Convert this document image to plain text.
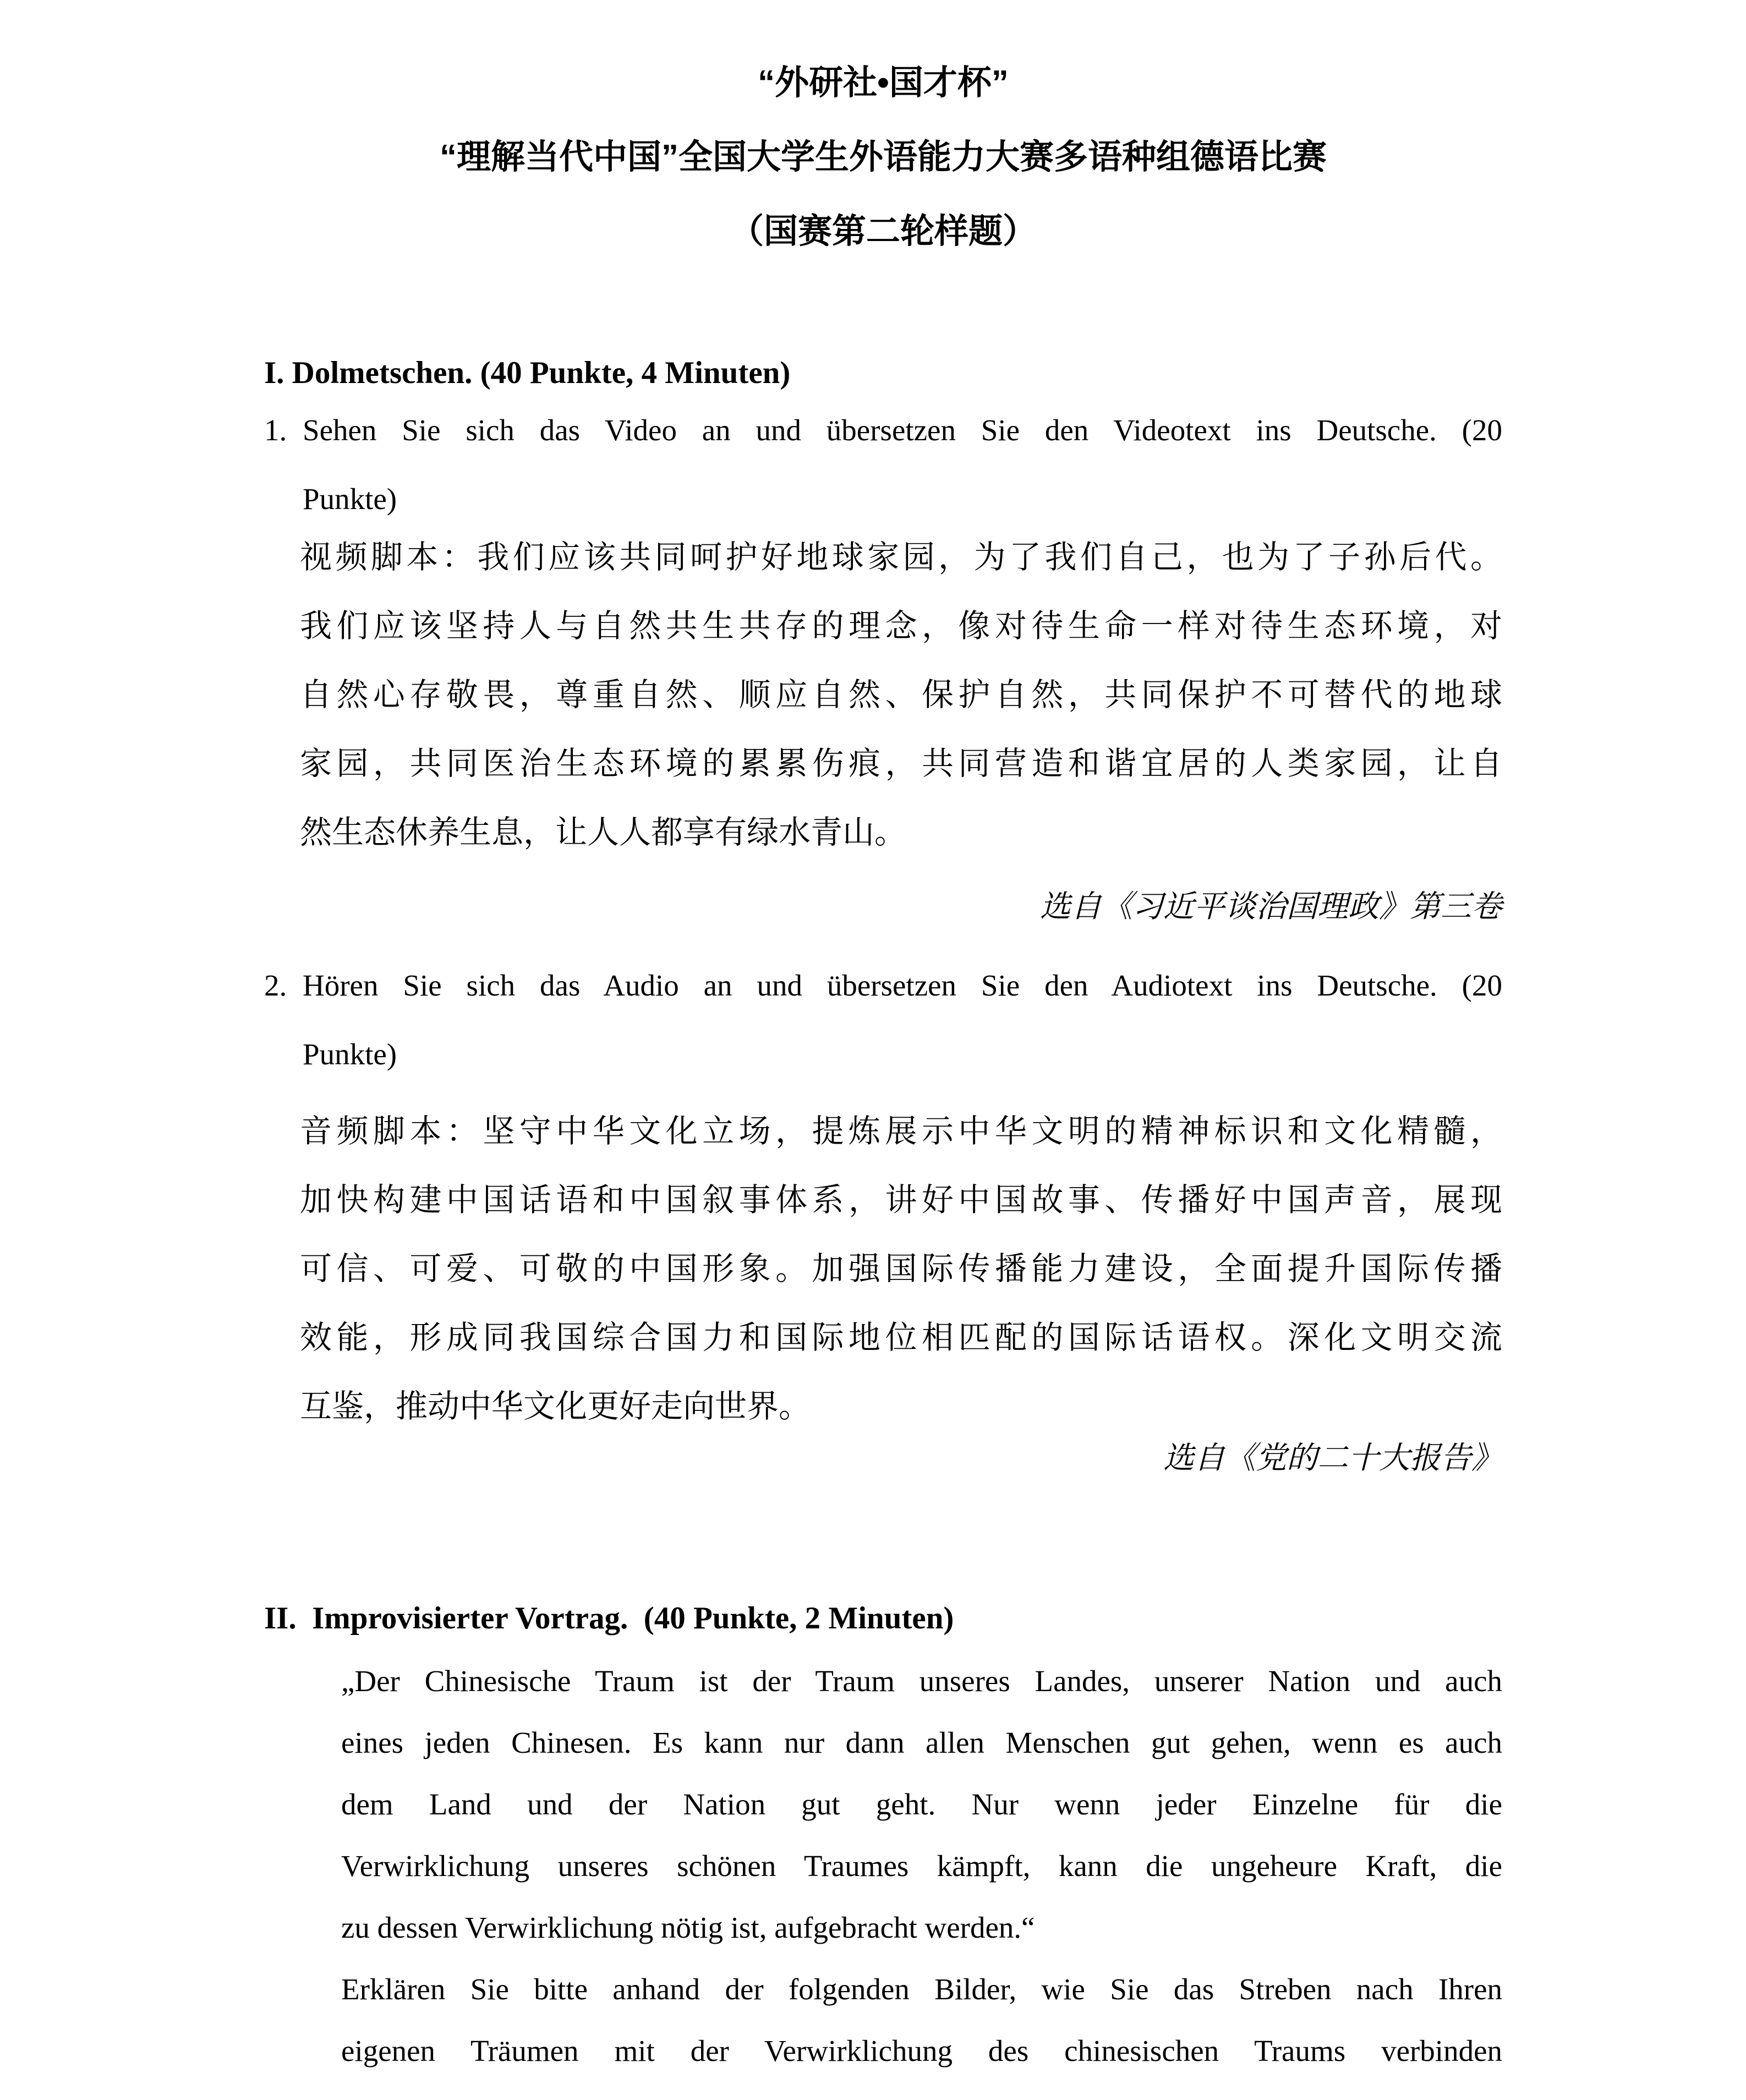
“外研社•国才杯”
“理解当代中国”全国大学生外语能力大赛多语种组德语比赛
（国赛第二轮样题）
I. Dolmetschen. (40 Punkte, 4 Minuten)
1. Sehen Sie sich das Video an und übersetzen Sie den Videotext ins Deutsche. (20
Punkte)
视频脚本：我们应该共同呵护好地球家园，为了我们自己，也为了子孙后代。
我们应该坚持人与自然共生共存的理念，像对待生命一样对待生态环境，对
自然心存敬畏，尊重自然、顺应自然、保护自然，共同保护不可替代的地球
家园，共同医治生态环境的累累伤痕，共同营造和谐宜居的人类家园，让自
然生态休养生息，让人人都享有绿水青山。
选自《习近平谈治国理政》第三卷
2. Hören Sie sich das Audio an und übersetzen Sie den Audiotext ins Deutsche. (20
Punkte)
音频脚本：坚守中华文化立场，提炼展示中华文明的精神标识和文化精髓，
加快构建中国话语和中国叙事体系，讲好中国故事、传播好中国声音，展现
可信、可爱、可敬的中国形象。加强国际传播能力建设，全面提升国际传播
效能，形成同我国综合国力和国际地位相匹配的国际话语权。深化文明交流
互鉴，推动中华文化更好走向世界。
选自《党的二十大报告》
II.  Improvisierter Vortrag.  (40 Punkte, 2 Minuten)
„Der Chinesische Traum ist der Traum unseres Landes, unserer Nation und auch
eines jeden Chinesen. Es kann nur dann allen Menschen gut gehen, wenn es auch
dem Land und der Nation gut geht. Nur wenn jeder Einzelne für die
Verwirklichung unseres schönen Traumes kämpft, kann die ungeheure Kraft, die
zu dessen Verwirklichung nötig ist, aufgebracht werden.“
Erklären Sie bitte anhand der folgenden Bilder, wie Sie das Streben nach Ihren
eigenen Träumen mit der Verwirklichung des chinesischen Traums verbinden
